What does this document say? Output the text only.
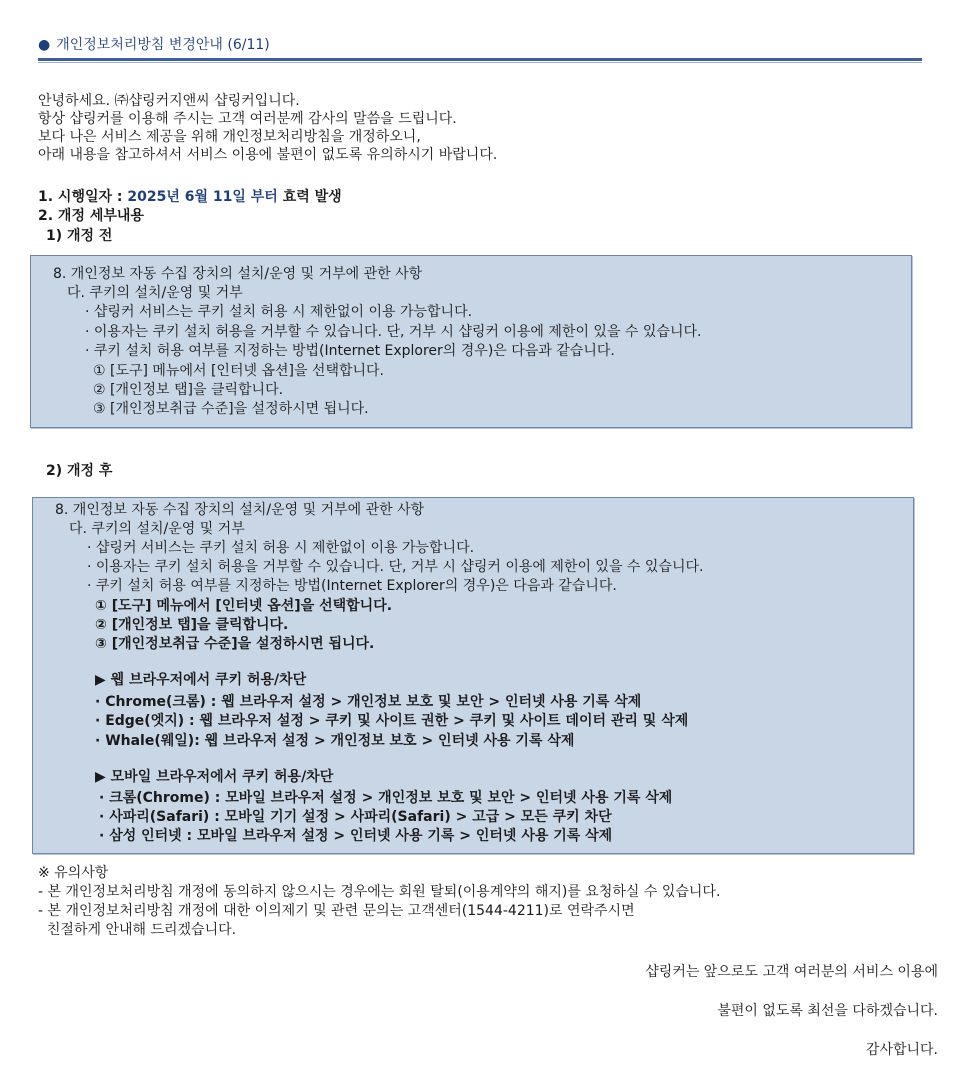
● 개인정보처리방침 변경안내 (6/11)
안녕하세요. ㈜샵링커지앤씨 샵링커입니다.
항상 샵링커를 이용해 주시는 고객 여러분께 감사의 말씀을 드립니다.
보다 나은 서비스 제공을 위해 개인정보처리방침을 개정하오니,
아래 내용을 참고하셔서 서비스 이용에 불편이 없도록 유의하시기 바랍니다.
1. 시행일자 : 2025년 6월 11일 부터 효력 발생
2. 개정 세부내용
1) 개정 전
8. 개인정보 자동 수집 장치의 설치/운영 및 거부에 관한 사항
다. 쿠키의 설치/운영 및 거부
· 샵링커 서비스는 쿠키 설치 허용 시 제한없이 이용 가능합니다.
· 이용자는 쿠키 설치 허용을 거부할 수 있습니다. 단, 거부 시 샵링커 이용에 제한이 있을 수 있습니다.
· 쿠키 설치 허용 여부를 지정하는 방법(Internet Explorer의 경우)은 다음과 같습니다.
① [도구] 메뉴에서 [인터넷 옵션]을 선택합니다.
② [개인정보 탭]을 클릭합니다.
③ [개인정보취급 수준]을 설정하시면 됩니다.
2) 개정 후
8. 개인정보 자동 수집 장치의 설치/운영 및 거부에 관한 사항
다. 쿠키의 설치/운영 및 거부
· 샵링커 서비스는 쿠키 설치 허용 시 제한없이 이용 가능합니다.
· 이용자는 쿠키 설치 허용을 거부할 수 있습니다. 단, 거부 시 샵링커 이용에 제한이 있을 수 있습니다.
· 쿠키 설치 허용 여부를 지정하는 방법(Internet Explorer의 경우)은 다음과 같습니다.
① [도구] 메뉴에서 [인터넷 옵션]을 선택합니다.
② [개인정보 탭]을 클릭합니다.
③ [개인정보취급 수준]을 설정하시면 됩니다.
▶ 웹 브라우저에서 쿠키 허용/차단
· Chrome(크롬) : 웹 브라우저 설정 > 개인정보 보호 및 보안 > 인터넷 사용 기록 삭제
· Edge(엣지) : 웹 브라우저 설정 > 쿠키 및 사이트 권한 > 쿠키 및 사이트 데이터 관리 및 삭제
· Whale(웨일): 웹 브라우저 설정 > 개인정보 보호 > 인터넷 사용 기록 삭제
▶ 모바일 브라우저에서 쿠키 허용/차단
· 크롬(Chrome) : 모바일 브라우저 설정 > 개인정보 보호 및 보안 > 인터넷 사용 기록 삭제
· 사파리(Safari) : 모바일 기기 설정 > 사파리(Safari) > 고급 > 모든 쿠키 차단
· 삼성 인터넷 : 모바일 브라우저 설정 > 인터넷 사용 기록 > 인터넷 사용 기록 삭제
※ 유의사항
- 본 개인정보처리방침 개정에 동의하지 않으시는 경우에는 회원 탈퇴(이용계약의 해지)를 요청하실 수 있습니다.
- 본 개인정보처리방침 개정에 대한 이의제기 및 관련 문의는 고객센터(1544-4211)로 연락주시면
친절하게 안내해 드리겠습니다.
샵링커는 앞으로도 고객 여러분의 서비스 이용에
불편이 없도록 최선을 다하겠습니다.
감사합니다.
